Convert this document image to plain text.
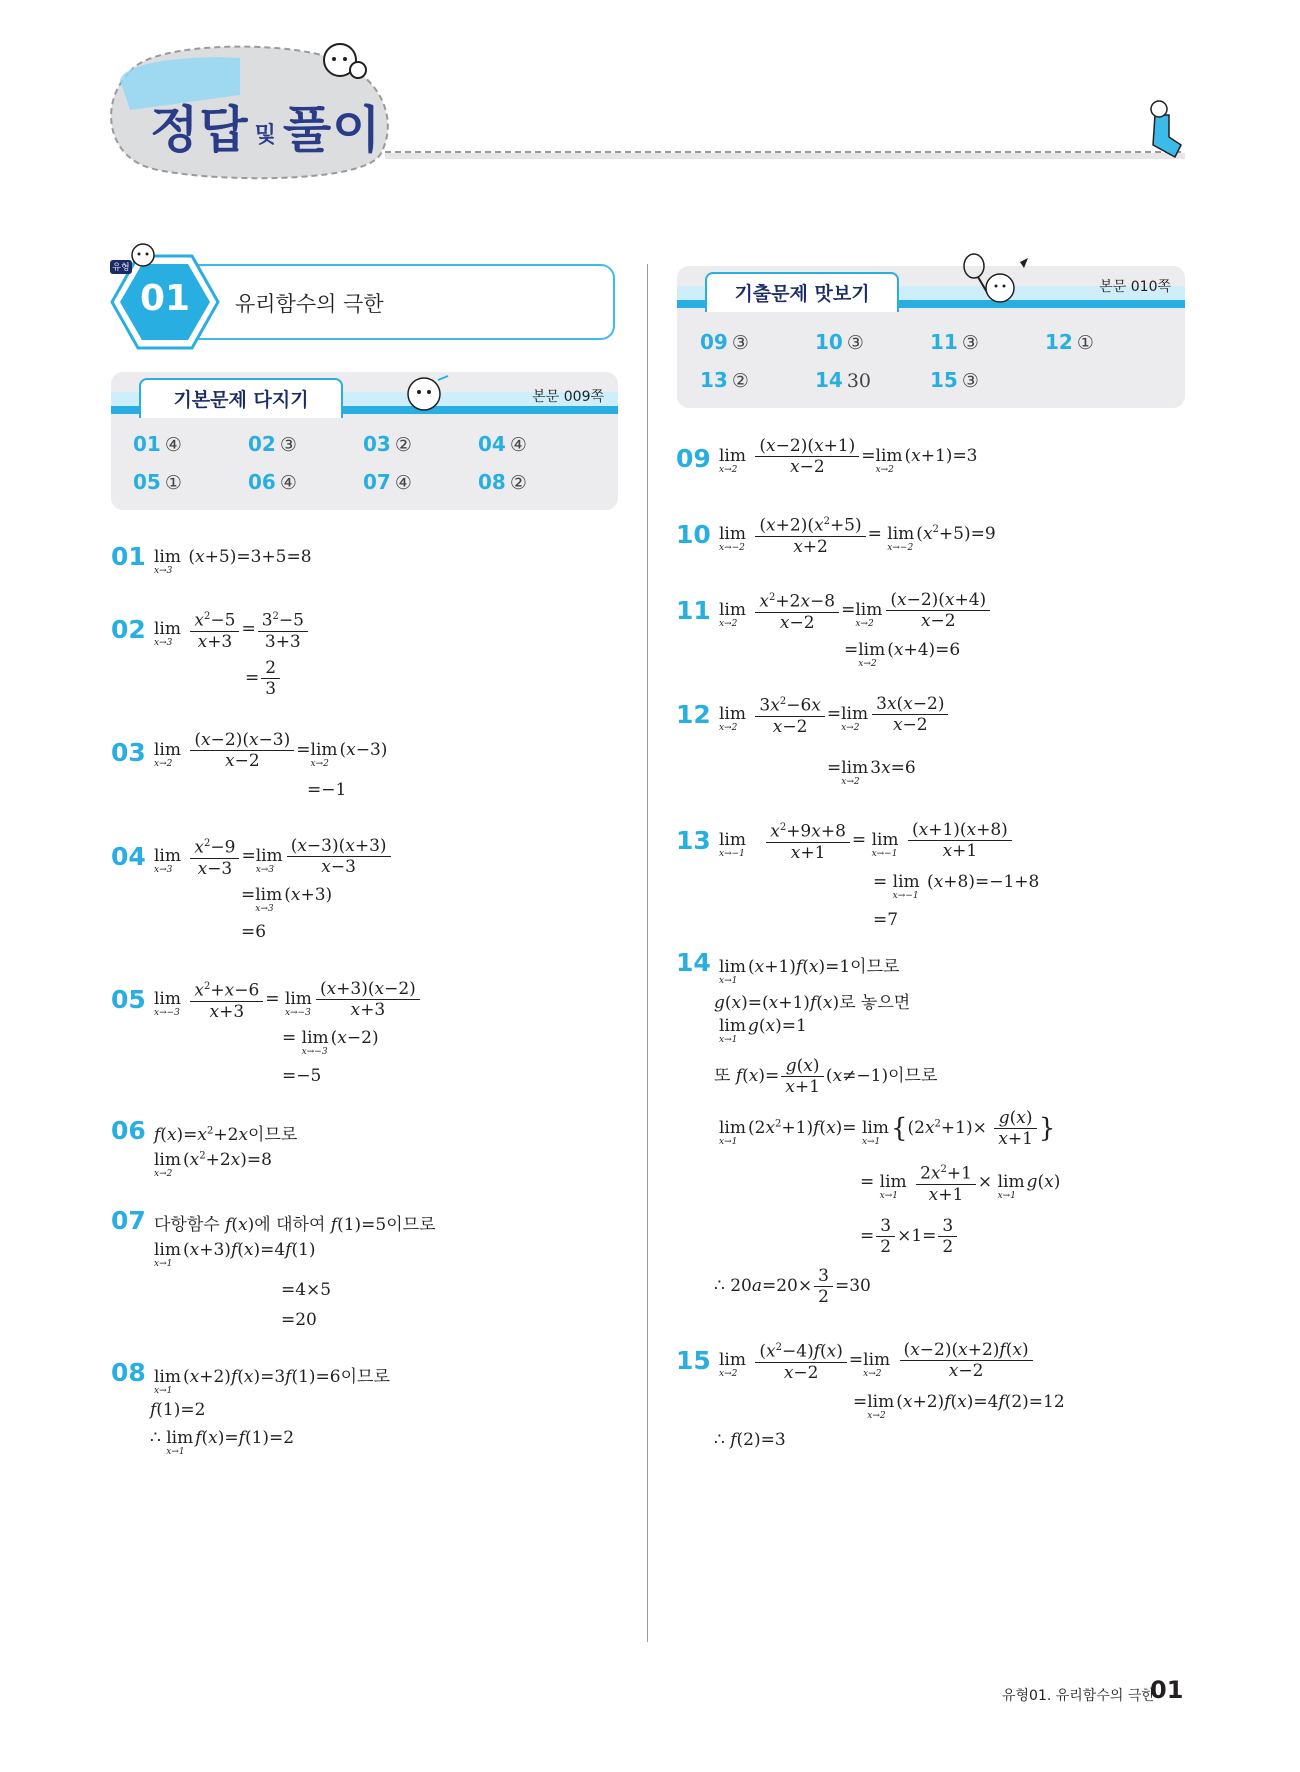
정답 및 풀이
유형
01	유리함수의 극한
기본문제 다지기	본문 009쪽
01 ④	02 ③	03 ②	04 ④
05 ①	06 ④	07 ④	08 ②
기출문제 맛보기	본문 010쪽
09 ③	10 ③	11 ③	12 ①
13 ②	14 30	15 ③
01 lim
x→3
(x+5)=3+5=8
02 lim
x→3
$\frac{x^2-5}{x+3} = \frac{3^2-5}{3+3}$
= $\frac{2}{3}$
03 lim
x→2
$\frac{(x-2)(x-3)}{x-2} =\lim$
x→2
(x−3)
=−1
04 lim
x→3
$\frac{x^2-9}{x-3} =\lim$
$x\to 3 \frac{(x-3)(x+3)}{x-3}$
=lim
x→3
(x+3)
=6
05 lim
x→−3
$\frac{x^2+x-6}{x+3} = \lim$
$x\to-3 \frac{(x+3)(x-2)}{x+3}$
= lim
x→−3
(x−2)
=−5
06 $f(x)=x^2+2x$이므로
lim
x→2
$(x^2+2x)=8$
07 다항함수 f(x)에 대하여 f(1)=5이므로
lim
x→1
(x+3)f(x)=4f(1)
=4×5
=20
08 lim
x→1
(x+2)f(x)=3f(1)=6이므로
f(1)=2
∴ lim
x→1
f(x)=f(1)=2
09 lim
x→2
$\frac{(x-2)(x+1)}{x-2} =\lim$
x→2
(x+1)=3
10 lim
x→−2
$\frac{(x+2)(x^2+5)}{x+2} = \lim$
x→−2
$(x^2+5)=9$
11 lim
x→2
$\frac{x^2+2x-8}{x-2} =\lim$
$x\to 2 \frac{(x-2)(x+4)}{x-2}$
=lim
x→2
(x+4)=6
12 lim
x→2
$\frac{3x^2-6x}{x-2} =\lim$
$x\to 2 \frac{3x(x-2)}{x-2}$
=lim
x→2
3x=6
13 lim
x→−1
$\frac{x^2+9x+8}{x+1} = \lim$
x→−1
$\frac{(x+1)(x+8)}{x+1}$
= lim
x→−1
(x+8)=−1+8
=7
14 lim
x→1
(x+1)f(x)=1이므로
g(x)=(x+1)f(x)로 놓으면
lim
x→1
g(x)=1
또 $f(x)= \frac{g(x)}{x+1} (x\ne-1)$이므로
lim
x→1
$(2x^2+1)f(x)= \lim$
x→1 {$(2x^2+1)\times \frac{g(x)}{x+1}$ }
= lim
x→1
$\frac{2x^2+1}{x+1} \times \lim$
x→1
g(x)
= $\frac{3}{2} \times 1= \frac{3}{2}$
∴ $20a=20\times \frac{3}{2} =30$
15 lim
x→2
$\frac{(x^2-4)f(x)}{x-2} =\lim$
x→2
$\frac{(x-2)(x+2)f(x)}{x-2}$
=lim
x→2
(x+2)f(x)=4f(2)=12
∴ f(2)=3
유형01. 유리함수의 극한
01
